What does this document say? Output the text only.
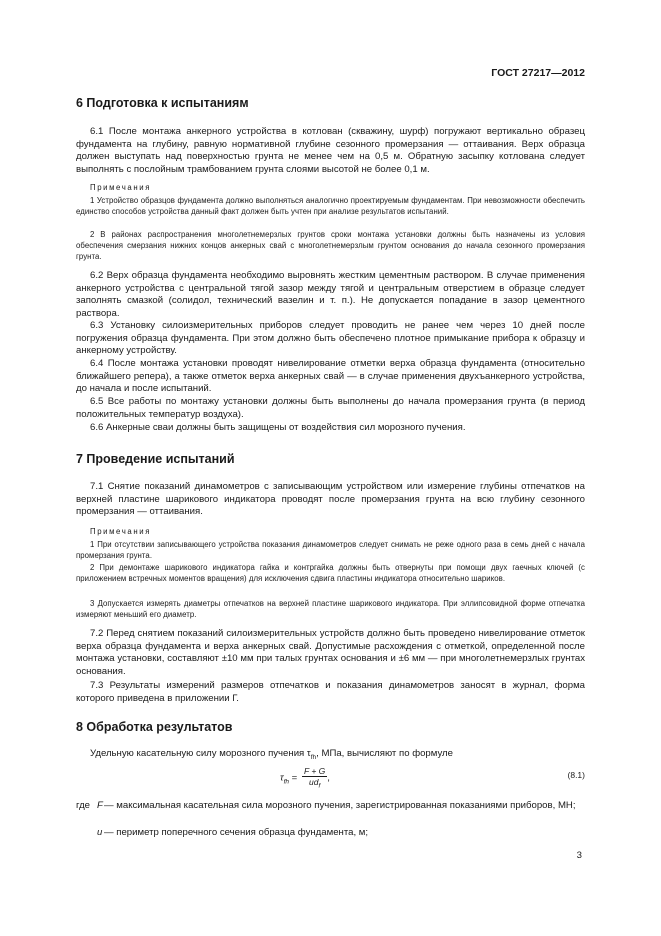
ГОСТ 27217—2012
6 Подготовка к испытаниям
6.1 После монтажа анкерного устройства в котлован (скважину, шурф) погружают вертикально образец фундамента на глубину, равную нормативной глубине сезонного промерзания — оттаивания. Верх образца должен выступать над поверхностью грунта не менее чем на 0,5 м. Обратную засыпку котлована следует выполнять с послойным трамбованием грунта слоями высотой не более 0,1 м.
Примечания
1 Устройство образцов фундамента должно выполняться аналогично проектируемым фундаментам. При невозможности обеспечить единство способов устройства данный факт должен быть учтен при анализе результатов испытаний.
2 В районах распространения многолетнемерзлых грунтов сроки монтажа установки должны быть назначены из условия обеспечения смерзания нижних концов анкерных свай с многолетнемерзлым грунтом основания до начала сезонного промерзания грунта.
6.2 Верх образца фундамента необходимо выровнять жестким цементным раствором. В случае применения анкерного устройства с центральной тягой зазор между тягой и центральным отверстием в образце следует заполнять смазкой (солидол, технический вазелин и т. п.). Не допускается попадание в зазор цементного раствора.
6.3 Установку силоизмерительных приборов следует проводить не ранее чем через 10 дней после погружения образца фундамента. При этом должно быть обеспечено плотное примыкание прибора к образцу и анкерному устройству.
6.4 После монтажа установки проводят нивелирование отметки верха образца фундамента (относительно ближайшего репера), а также отметок верха анкерных свай — в случае применения двухъанкерного устройства, до начала и после испытаний.
6.5 Все работы по монтажу установки должны быть выполнены до начала промерзания грунта (в период положительных температур воздуха).
6.6 Анкерные сваи должны быть защищены от воздействия сил морозного пучения.
7 Проведение испытаний
7.1 Снятие показаний динамометров с записывающим устройством или измерение глубины отпечатков на верхней пластине шарикового индикатора проводят после промерзания грунта на всю глубину сезонного промерзания — оттаивания.
Примечания
1 При отсутствии записывающего устройства показания динамометров следует снимать не реже одного раза в семь дней с начала промерзания грунта.
2 При демонтаже шарикового индикатора гайка и контргайка должны быть отвернуты при помощи двух гаечных ключей (с приложением встречных моментов вращения) для исключения сдвига пластины индикатора относительно шариков.
3 Допускается измерять диаметры отпечатков на верхней пластине шарикового индикатора. При эллипсовидной форме отпечатка измеряют меньший его диаметр.
7.2 Перед снятием показаний силоизмерительных устройств должно быть проведено нивелирование отметок верха образца фундамента и верха анкерных свай. Допустимые расхождения с отметкой, определенной после монтажа установки, составляют ±10 мм при талых грунтах основания и ±6 мм — при многолетнемерзлых грунтах основания.
7.3 Результаты измерений размеров отпечатков и показания динамометров заносят в журнал, форма которого приведена в приложении Г.
8 Обработка результатов
Удельную касательную силу морозного пучения $\tau_{fh}$, МПа, вычисляют по формуле
$\tau_{fh} = \frac{F + G}{ud_f}$ ,	(8.1)
где F — максимальная касательная сила морозного пучения, зарегистрированная показаниями приборов, МН;
u — периметр поперечного сечения образца фундамента, м;
3
